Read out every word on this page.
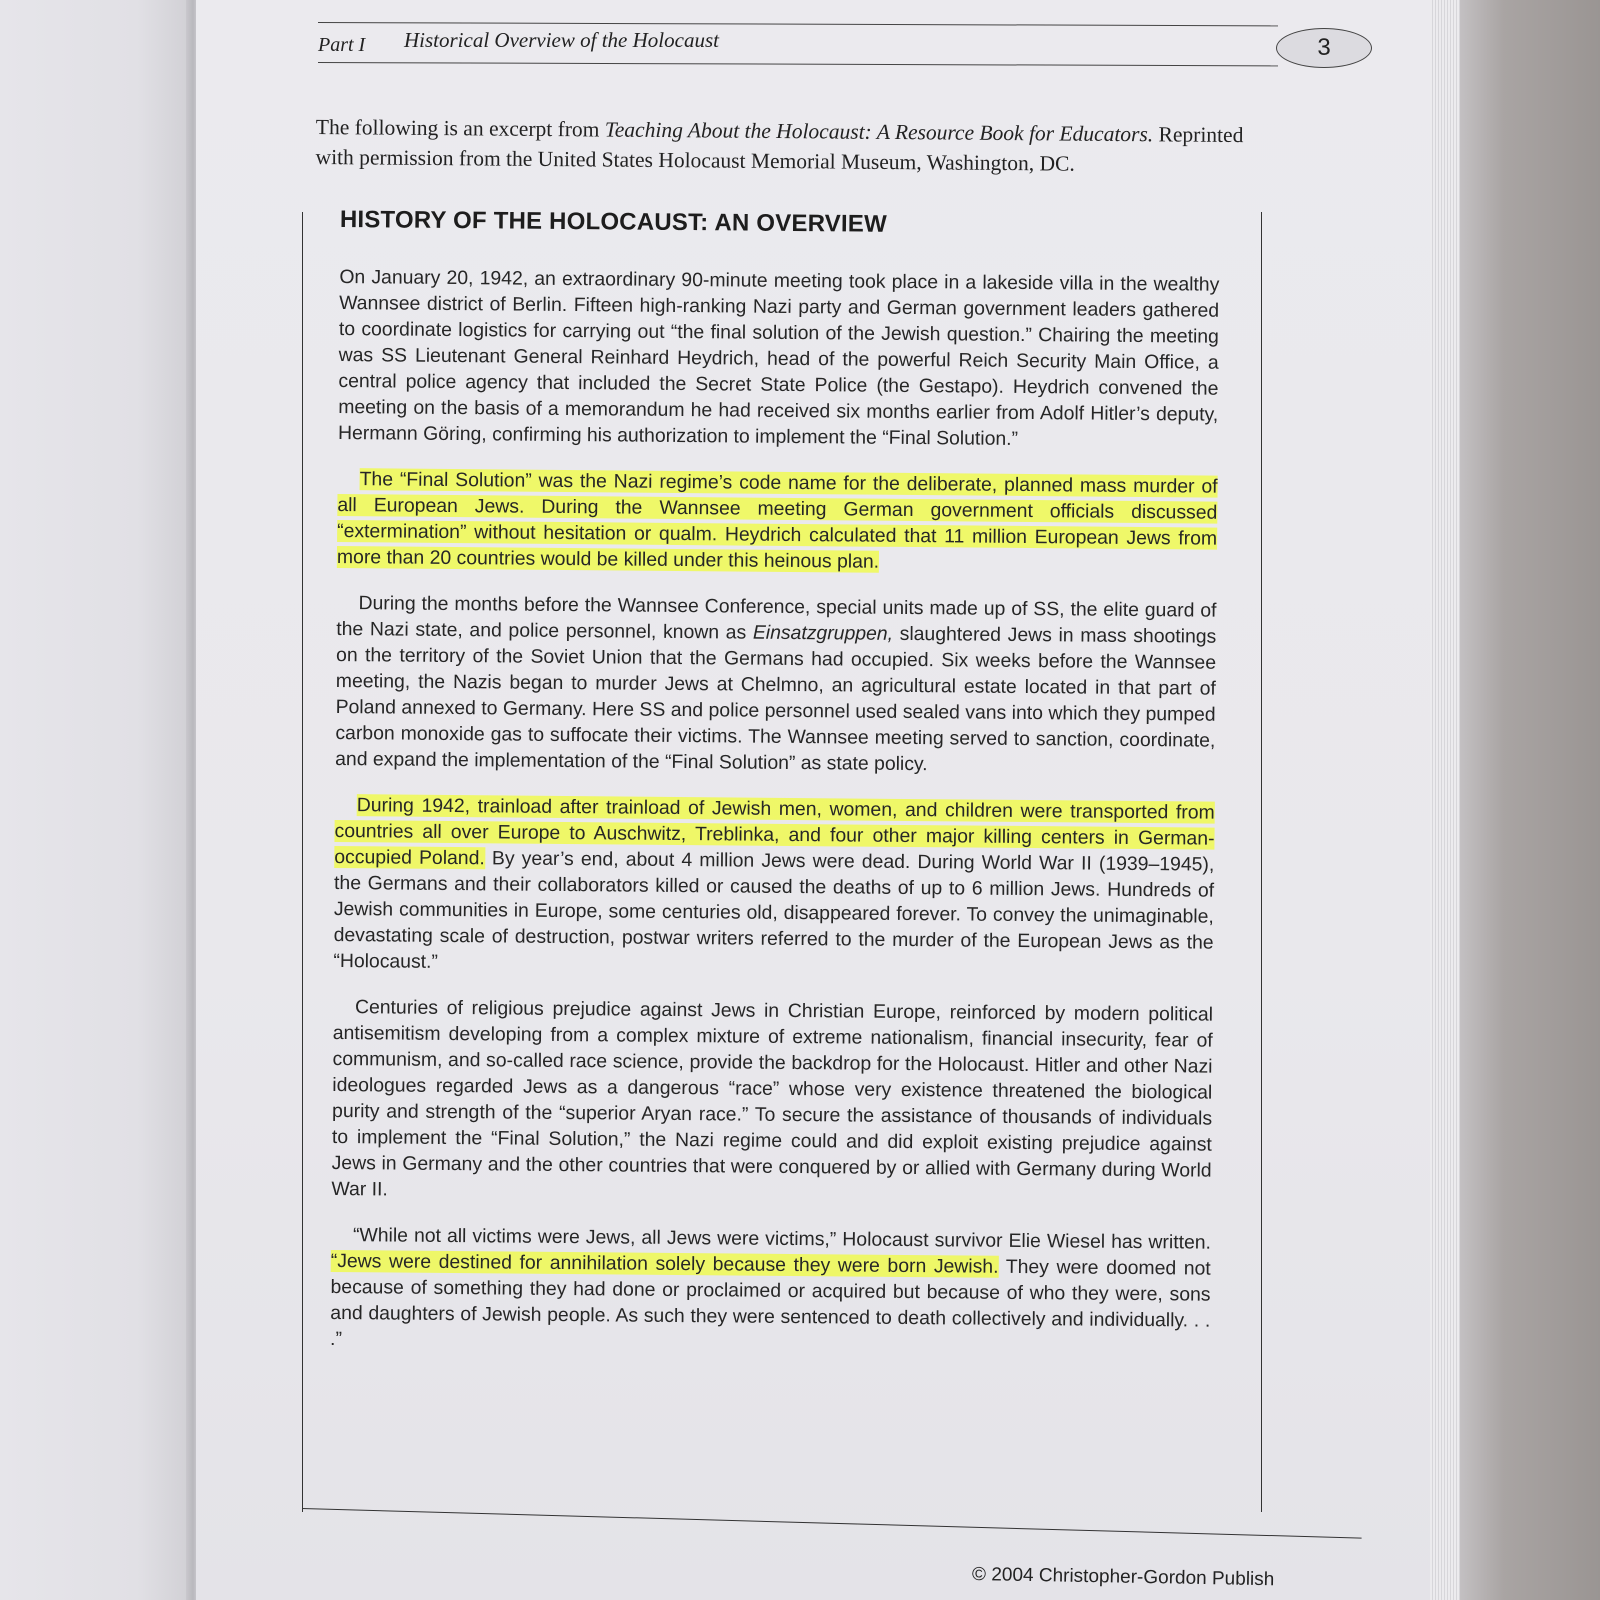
Part I Historical Overview of the Holocaust	3
The following is an excerpt from Teaching About the Holocaust: A Resource Book for Educators. Reprinted with permission from the United States Holocaust Memorial Museum, Washington, DC.
HISTORY OF THE HOLOCAUST: AN OVERVIEW

On January 20, 1942, an extraordinary 90-minute meeting took place in a lakeside villa in the wealthy Wannsee district of Berlin. Fifteen high-ranking Nazi party and German government leaders gathered to coordinate logistics for carrying out “the final solution of the Jewish question.” Chairing the meeting was SS Lieutenant General Reinhard Heydrich, head of the powerful Reich Security Main Office, a central police agency that included the Secret State Police (the Gestapo). Heydrich convened the meeting on the basis of a memorandum he had received six months earlier from Adolf Hitler’s deputy, Hermann Göring, confirming his authorization to implement the “Final Solution.”

The “Final Solution” was the Nazi regime’s code name for the deliberate, planned mass murder of all European Jews. During the Wannsee meeting German government officials discussed “extermination” without hesitation or qualm. Heydrich calculated that 11 million European Jews from more than 20 countries would be killed under this heinous plan.

During the months before the Wannsee Conference, special units made up of SS, the elite guard of the Nazi state, and police personnel, known as Einsatzgruppen, slaughtered Jews in mass shootings on the territory of the Soviet Union that the Germans had occupied. Six weeks before the Wannsee meeting, the Nazis began to murder Jews at Chelmno, an agricultural estate located in that part of Poland annexed to Germany. Here SS and police personnel used sealed vans into which they pumped carbon monoxide gas to suffocate their victims. The Wannsee meeting served to sanction, coordinate, and expand the implementation of the “Final Solution” as state policy.

During 1942, trainload after trainload of Jewish men, women, and children were transported from countries all over Europe to Auschwitz, Treblinka, and four other major killing centers in German-occupied Poland. By year’s end, about 4 million Jews were dead. During World War II (1939–1945), the Germans and their collaborators killed or caused the deaths of up to 6 million Jews. Hundreds of Jewish communities in Europe, some centuries old, disappeared forever. To convey the unimaginable, devastating scale of destruction, postwar writers referred to the murder of the European Jews as the “Holocaust.”

Centuries of religious prejudice against Jews in Christian Europe, reinforced by modern political antisemitism developing from a complex mixture of extreme nationalism, financial insecurity, fear of communism, and so-called race science, provide the backdrop for the Holocaust. Hitler and other Nazi ideologues regarded Jews as a dangerous “race” whose very existence threatened the biological purity and strength of the “superior Aryan race.” To secure the assistance of thousands of individuals to implement the “Final Solution,” the Nazi regime could and did exploit existing prejudice against Jews in Germany and the other countries that were conquered by or allied with Germany during World War II.

“While not all victims were Jews, all Jews were victims,” Holocaust survivor Elie Wiesel has written. “Jews were destined for annihilation solely because they were born Jewish. They were doomed not because of something they had done or proclaimed or acquired but because of who they were, sons and daughters of Jewish people. As such they were sentenced to death collectively and individually. . . .”

© 2004 Christopher-Gordon Publish
